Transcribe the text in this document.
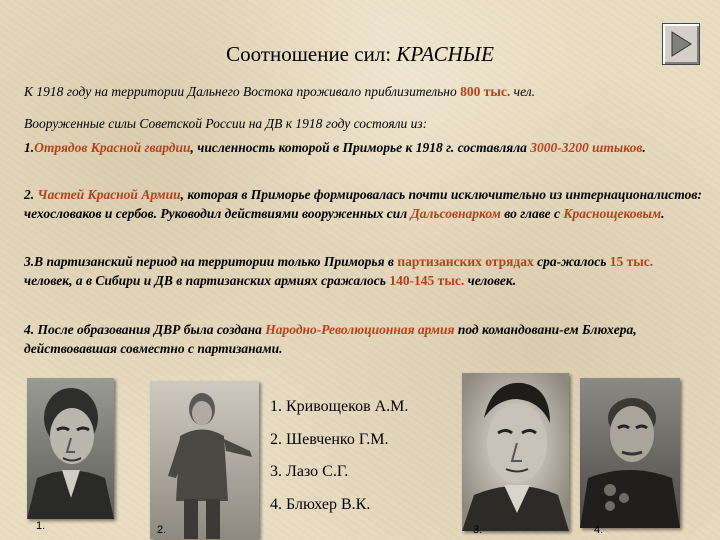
Соотношение сил: КРАСНЫЕ
К 1918 году на территории Дальнего Востока проживало приблизительно 800 тыс. чел.
Вооруженные силы Советской России на ДВ к 1918 году состояли из:
1.Отрядов Красной гвардии, численность которой в Приморье к 1918 г. составляла 3000-3200 штыков.
2. Частей Красной Армии, которая в Приморье формировалась почти исключительно из интернационалистов: чехословаков и сербов. Руководил действиями вооруженных сил Дальсовнарком во главе с Краснощековым.
3.В партизанский период на территории только Приморья в партизанских отрядах сра-жалось 15 тыс. человек, а в Сибири и ДВ в партизанских армиях сражалось 140-145 тыс. человек.
4. После образования ДВР была создана Народно-Революционная армия под командовани-ем Блюхера, действовавшая совместно с партизанами.
1.	2.
1. Кривощеков А.М.
2. Шевченко Г.М.
3. Лазо С.Г.
4. Блюхер В.К.
3.	4.
